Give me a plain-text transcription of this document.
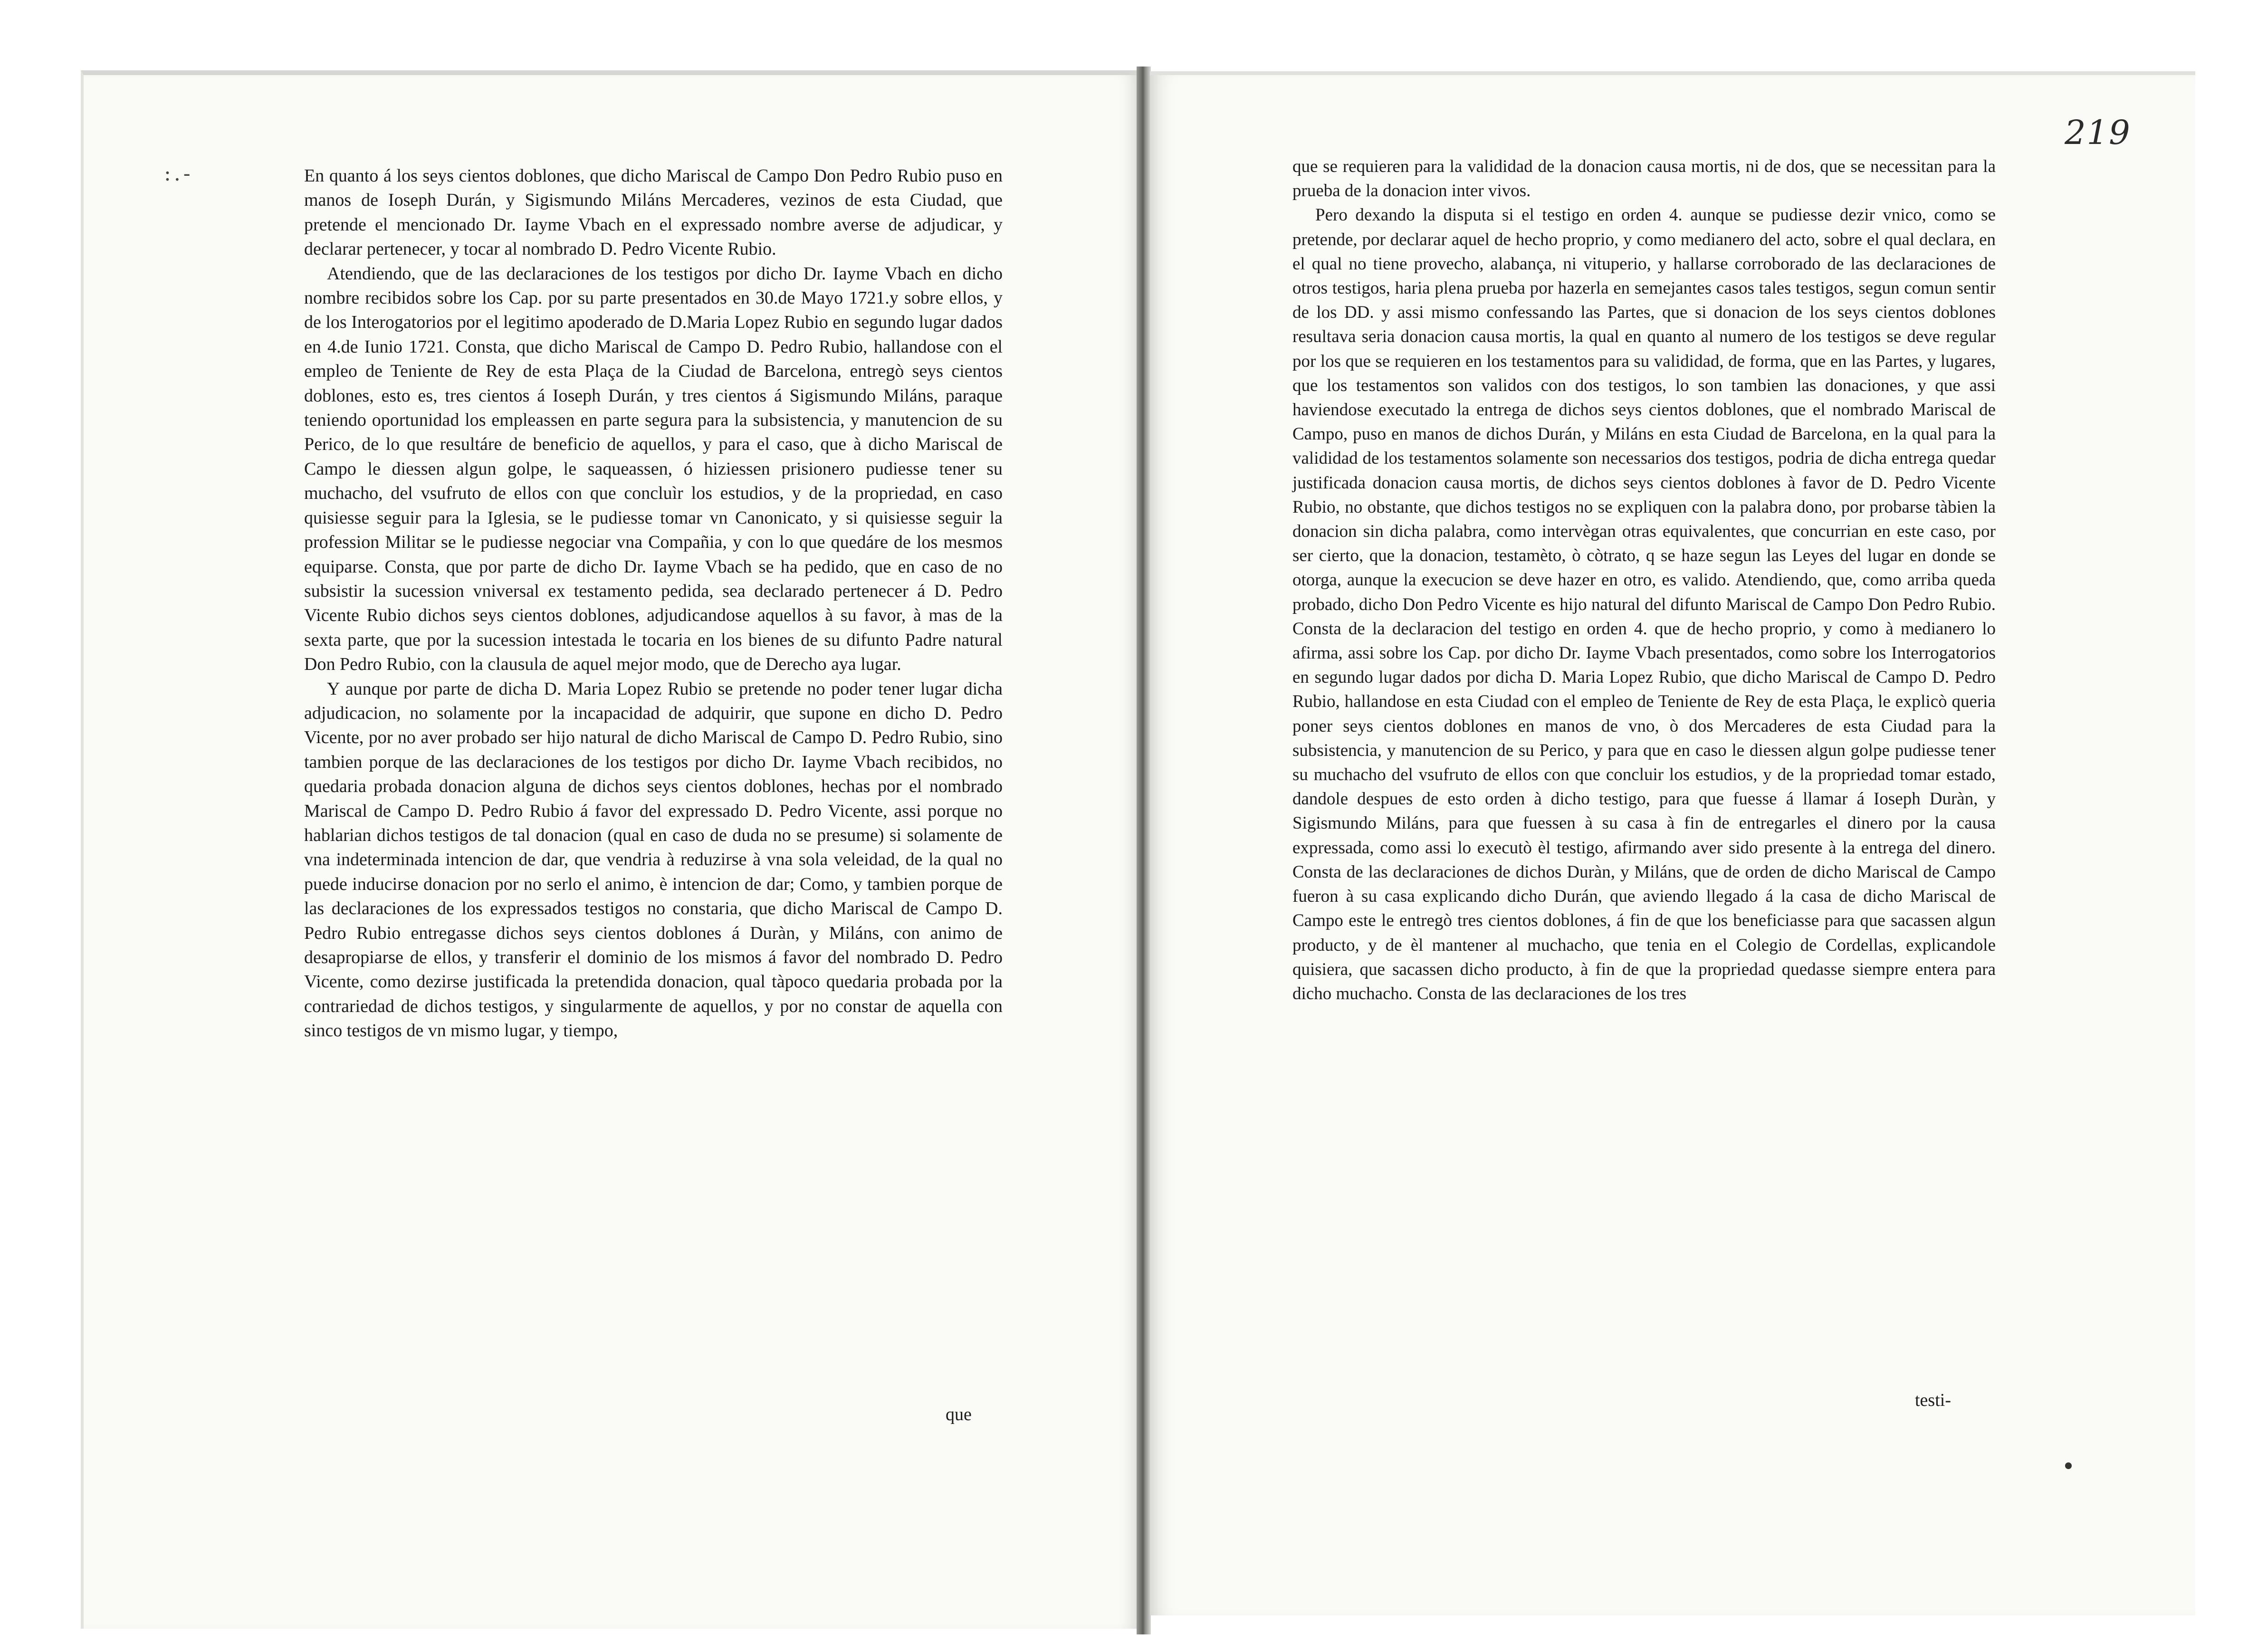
:.-	En quanto á los seys cientos doblones, que dicho Mariscal de Campo Don Pedro Rubio puso en manos de Ioseph Durán, y Sigismundo Miláns Mercaderes, vezinos de esta Ciudad, que pretende el mencionado Dr. Iayme Vbach en el expressado nombre averse de adjudicar, y declarar pertenecer, y tocar al nombrado D. Pedro Vicente Rubio.

Atendiendo, que de las declaraciones de los testigos por dicho Dr. Iayme Vbach en dicho nombre recibidos sobre los Cap. por su parte presentados en 30.de Mayo 1721.y sobre ellos, y de los Interogatorios por el legitimo apoderado de D.Maria Lopez Rubio en segundo lugar dados en 4.de Iunio 1721. Consta, que dicho Mariscal de Campo D. Pedro Rubio, hallandose con el empleo de Teniente de Rey de esta Plaça de la Ciudad de Barcelona, entregò seys cientos doblones, esto es, tres cientos á Ioseph Durán, y tres cientos á Sigismundo Miláns, paraque teniendo oportunidad los empleassen en parte segura para la subsistencia, y manutencion de su Perico, de lo que resultáre de beneficio de aquellos, y para el caso, que à dicho Mariscal de Campo le diessen algun golpe, le saqueassen, ó hiziessen prisionero pudiesse tener su muchacho, del vsufruto de ellos con que concluìr los estudios, y de la propriedad, en caso quisiesse seguir para la Iglesia, se le pudiesse tomar vn Canonicato, y si quisiesse seguir la profession Militar se le pudiesse negociar vna Compañia, y con lo que quedáre de los mesmos equiparse. Consta, que por parte de dicho Dr. Iayme Vbach se ha pedido, que en caso de no subsistir la sucession vniversal ex testamento pedida, sea declarado pertenecer á D. Pedro Vicente Rubio dichos seys cientos doblones, adjudicandose aquellos à su favor, à mas de la sexta parte, que por la sucession intestada le tocaria en los bienes de su difunto Padre natural Don Pedro Rubio, con la clausula de aquel mejor modo, que de Derecho aya lugar.

Y aunque por parte de dicha D. Maria Lopez Rubio se pretende no poder tener lugar dicha adjudicacion, no solamente por la incapacidad de adquirir, que supone en dicho D. Pedro Vicente, por no aver probado ser hijo natural de dicho Mariscal de Campo D. Pedro Rubio, sino tambien porque de las declaraciones de los testigos por dicho Dr. Iayme Vbach recibidos, no quedaria probada donacion alguna de dichos seys cientos doblones, hechas por el nombrado Mariscal de Campo D. Pedro Rubio á favor del expressado D. Pedro Vicente, assi porque no hablarian dichos testigos de tal donacion (qual en caso de duda no se presume) si solamente de vna indeterminada intencion de dar, que vendria à reduzirse à vna sola veleidad, de la qual no puede inducirse donacion por no serlo el animo, è intencion de dar; Como, y tambien porque de las declaraciones de los expressados testigos no constaria, que dicho Mariscal de Campo D. Pedro Rubio entregasse dichos seys cientos doblones á Duràn, y Miláns, con animo de desapropiarse de ellos, y transferir el dominio de los mismos á favor del nombrado D. Pedro Vicente, como dezirse justificada la pretendida donacion, qual tàpoco quedaria probada por la contrariedad de dichos testigos, y singularmente de aquellos, y por no constar de aquella con sinco testigos de vn mismo lugar, y tiempo,

que
219

que se requieren para la valididad de la donacion causa mortis, ni de dos, que se necessitan para la prueba de la donacion inter vivos.

Pero dexando la disputa si el testigo en orden 4. aunque se pudiesse dezir vnico, como se pretende, por declarar aquel de hecho proprio, y como medianero del acto, sobre el qual declara, en el qual no tiene provecho, alabança, ni vituperio, y hallarse corroborado de las declaraciones de otros testigos, haria plena prueba por hazerla en semejantes casos tales testigos, segun comun sentir de los DD. y assi mismo confessando las Partes, que si donacion de los seys cientos doblones resultava seria donacion causa mortis, la qual en quanto al numero de los testigos se deve regular por los que se requieren en los testamentos para su valididad, de forma, que en las Partes, y lugares, que los testamentos son validos con dos testigos, lo son tambien las donaciones, y que assi haviendose executado la entrega de dichos seys cientos doblones, que el nombrado Mariscal de Campo, puso en manos de dichos Durán, y Miláns en esta Ciudad de Barcelona, en la qual para la valididad de los testamentos solamente son necessarios dos testigos, podria de dicha entrega quedar justificada donacion causa mortis, de dichos seys cientos doblones à favor de D. Pedro Vicente Rubio, no obstante, que dichos testigos no se expliquen con la palabra dono, por probarse tàbien la donacion sin dicha palabra, como intervègan otras equivalentes, que concurrian en este caso, por ser cierto, que la donacion, testamèto, ò còtrato, q se haze segun las Leyes del lugar en donde se otorga, aunque la execucion se deve hazer en otro, es valido. Atendiendo, que, como arriba queda probado, dicho Don Pedro Vicente es hijo natural del difunto Mariscal de Campo Don Pedro Rubio. Consta de la declaracion del testigo en orden 4. que de hecho proprio, y como à medianero lo afirma, assi sobre los Cap. por dicho Dr. Iayme Vbach presentados, como sobre los Interrogatorios en segundo lugar dados por dicha D. Maria Lopez Rubio, que dicho Mariscal de Campo D. Pedro Rubio, hallandose en esta Ciudad con el empleo de Teniente de Rey de esta Plaça, le explicò queria poner seys cientos doblones en manos de vno, ò dos Mercaderes de esta Ciudad para la subsistencia, y manutencion de su Perico, y para que en caso le diessen algun golpe pudiesse tener su muchacho del vsufruto de ellos con que concluir los estudios, y de la propriedad tomar estado, dandole despues de esto orden à dicho testigo, para que fuesse á llamar á Ioseph Duràn, y Sigismundo Miláns, para que fuessen à su casa à fin de entregarles el dinero por la causa expressada, como assi lo executò èl testigo, afirmando aver sido presente à la entrega del dinero. Consta de las declaraciones de dichos Duràn, y Miláns, que de orden de dicho Mariscal de Campo fueron à su casa explicando dicho Durán, que aviendo llegado á la casa de dicho Mariscal de Campo este le entregò tres cientos doblones, á fin de que los beneficiasse para que sacassen algun producto, y de èl mantener al muchacho, que tenia en el Colegio de Cordellas, explicandole quisiera, que sacassen dicho producto, à fin de que la propriedad quedasse siempre entera para dicho muchacho. Consta de las declaraciones de los tres

testi-
